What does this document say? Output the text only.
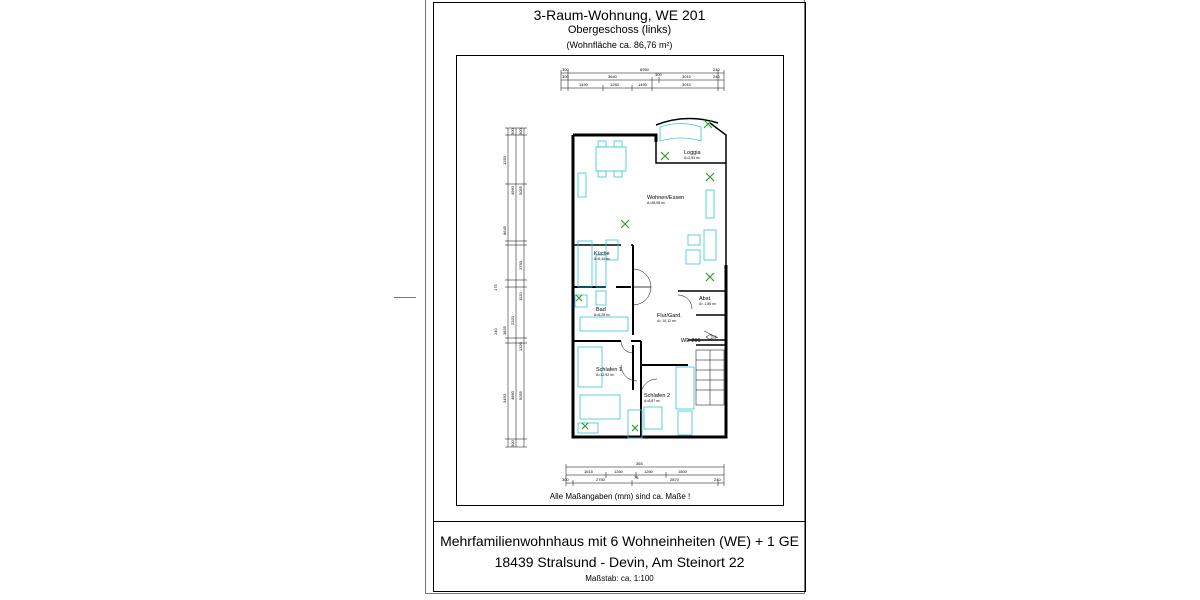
3-Raum-Wohnung, WE 201
Obergeschoss (links)
(Wohnfläche ca. 86,76 m²)
300	6950	240
300	3640	300	3010	240
1490	1260	1490	3010
300
1250
4960 5055
175
1750
1120
2320
3450
300
8645
3825
1320
240
4860 5055
300
Loggia
A=2,53 m²
Wohnen/Essen
A=38,98 m²
Küche
A=6,44 m²
Bad
A=6,28 m²	Flur/Gard.
A= 10,12 m²
Abst.
A= 1,85 m²
Schlafen 1
A=12,92 m²
Schlafen 2
A=8,87 m²
WE 201
365
1615	1260	1260	1800
300	2750	75	2870	240
Alle Maßangaben (mm) sind ca. Maße !
Mehrfamilienwohnhaus mit 6 Wohneinheiten (WE) + 1 GE
18439 Stralsund - Devin, Am Steinort 22
Maßstab: ca. 1:100
